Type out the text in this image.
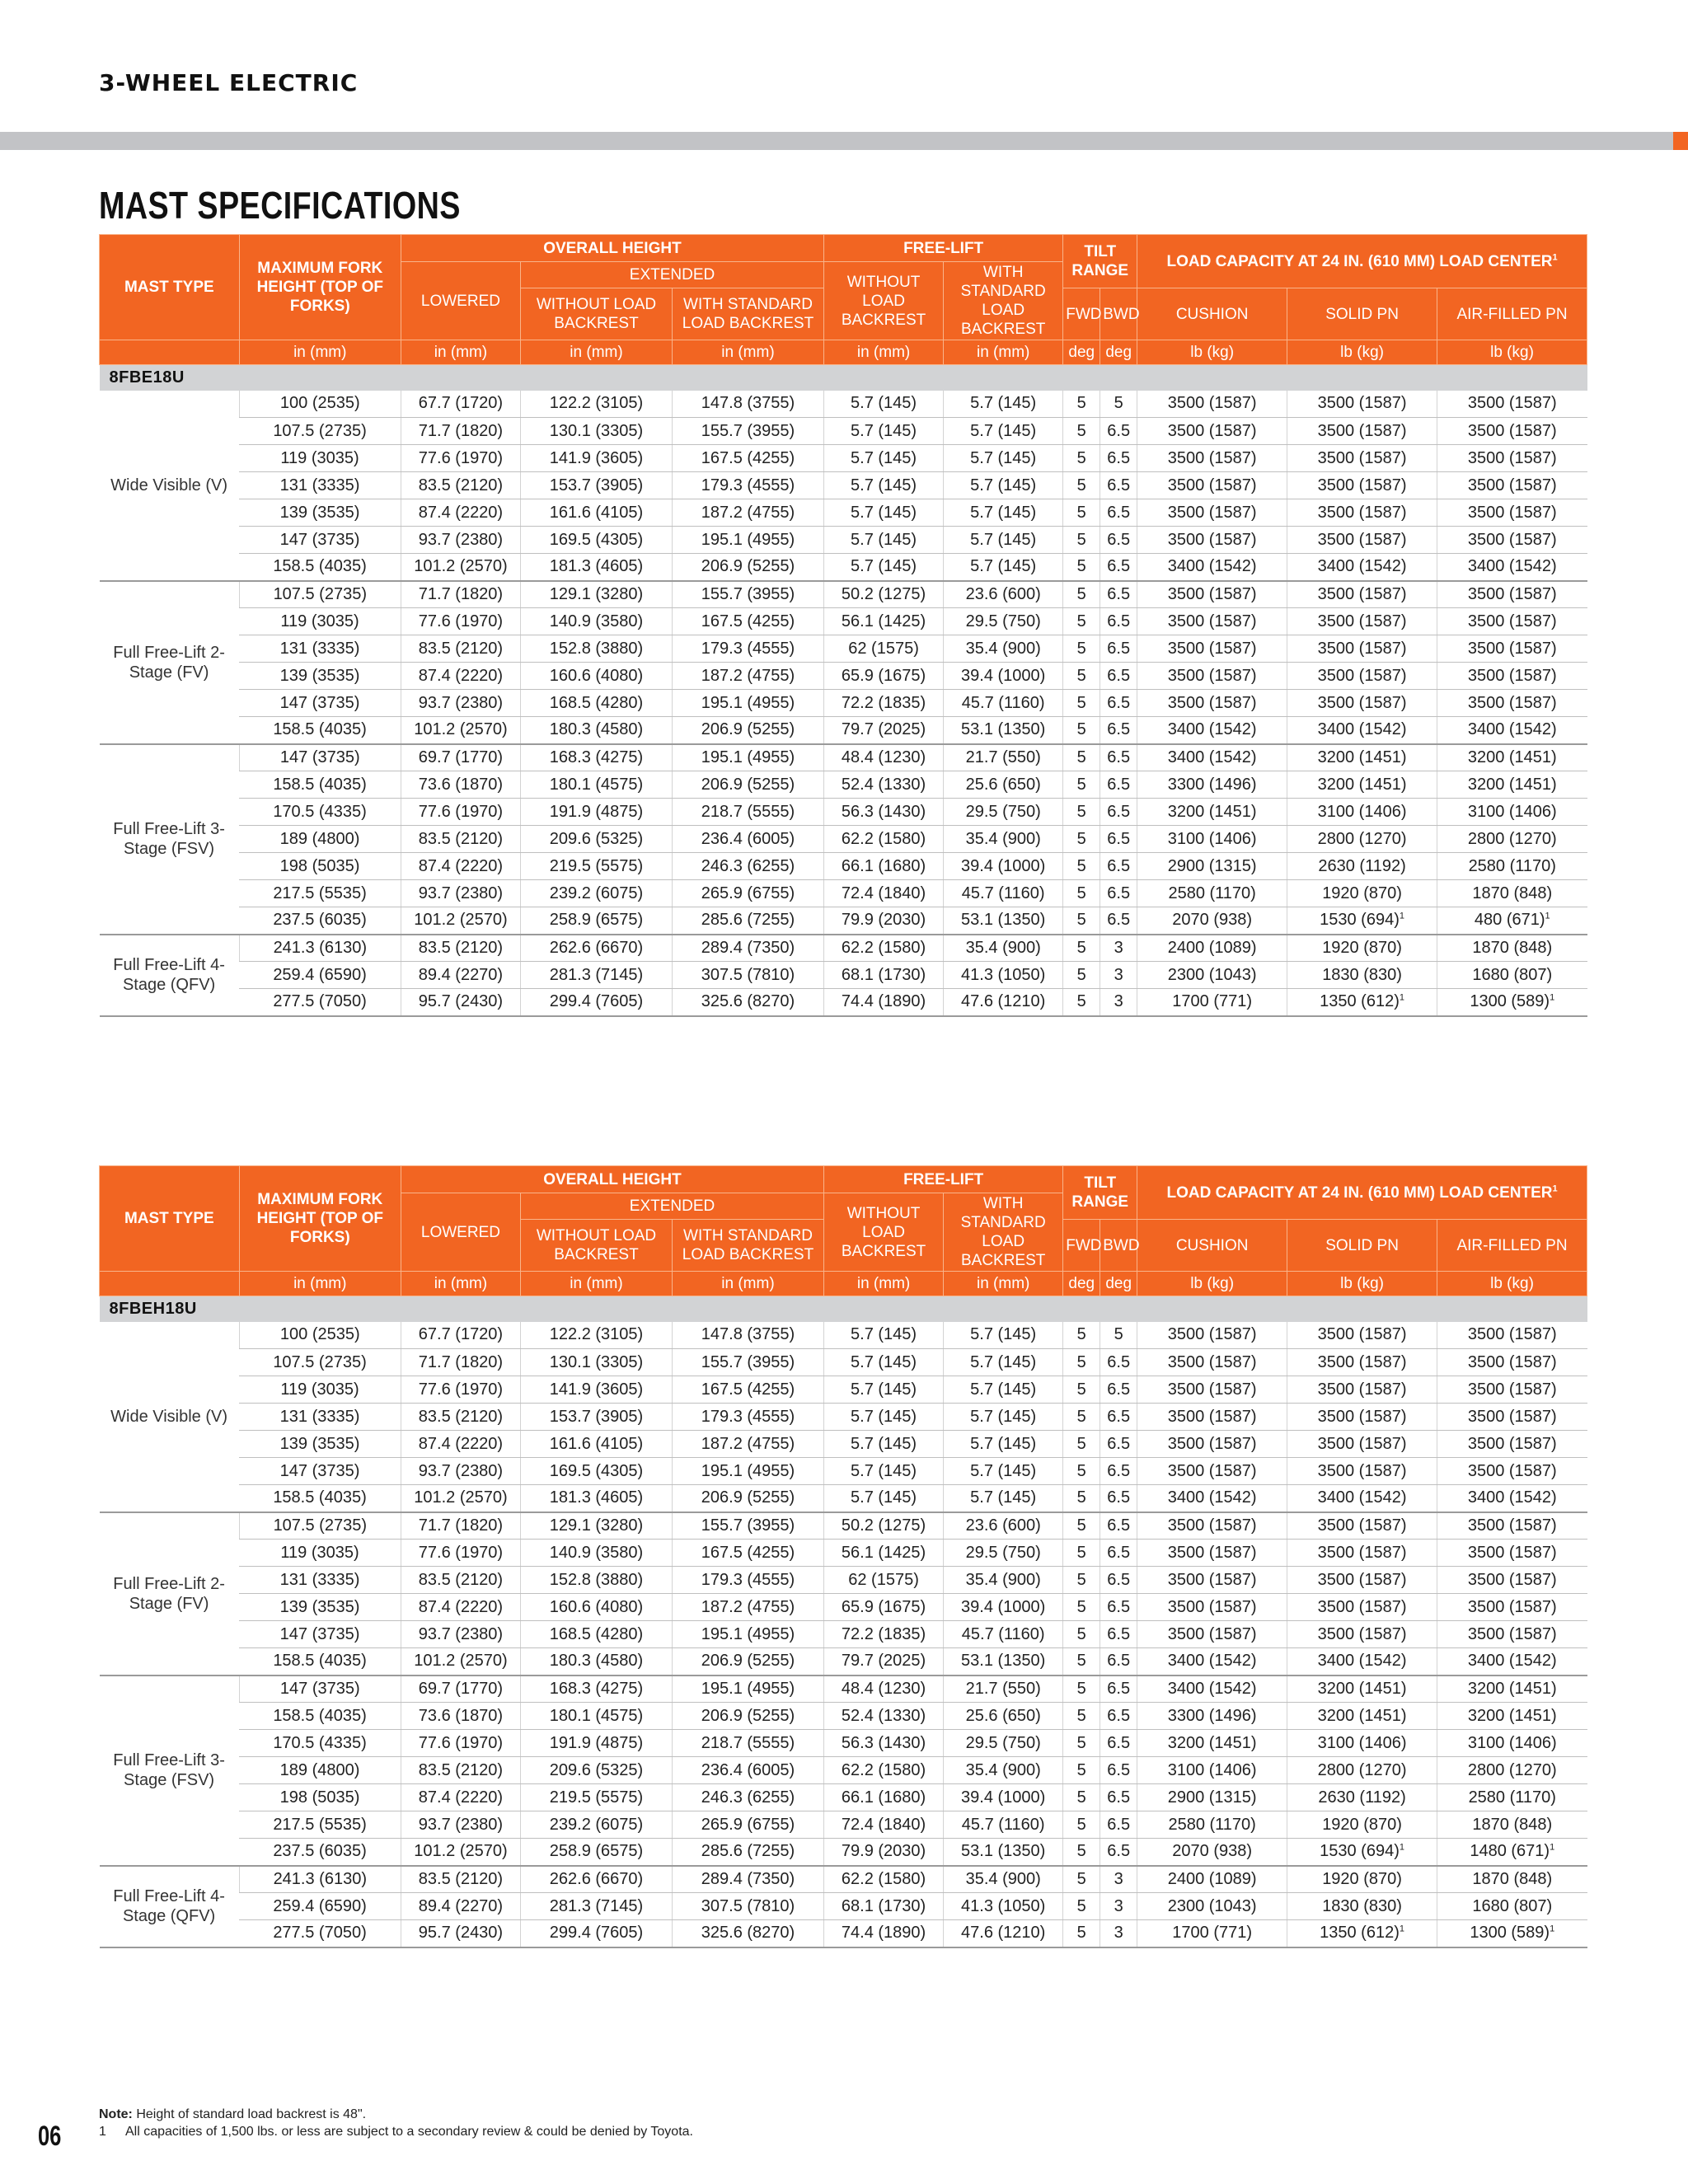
3-WHEEL ELECTRIC
MAST SPECIFICATIONS
MAST TYPE	MAXIMUM FORK HEIGHT (TOP OF FORKS)	OVERALL HEIGHT			FREE-LIFT		TILT RANGE		LOAD CAPACITY AT 24 IN. (610 MM) LOAD CENTER$^1$
		LOWERED	EXTENDED		WITHOUT LOAD BACKREST	WITH STANDARD LOAD BACKREST					
			WITHOUT LOAD BACKREST	WITH STANDARD LOAD BACKREST			FWD	BWD	CUSHION	SOLID PN	AIR-FILLED PN
	in (mm)	in (mm)	in (mm)	in (mm)	in (mm)	in (mm)	deg	deg	lb (kg)	lb (kg)	lb (kg)
8FBE18U											
Wide Visible (V)	100 (2535)	67.7 (1720)	122.2 (3105)	147.8 (3755)	5.7 (145)	5.7 (145)	5	5	3500 (1587)	3500 (1587)	3500 (1587)
	107.5 (2735)	71.7 (1820)	130.1 (3305)	155.7 (3955)	5.7 (145)	5.7 (145)	5	6.5	3500 (1587)	3500 (1587)	3500 (1587)
	119 (3035)	77.6 (1970)	141.9 (3605)	167.5 (4255)	5.7 (145)	5.7 (145)	5	6.5	3500 (1587)	3500 (1587)	3500 (1587)
	131 (3335)	83.5 (2120)	153.7 (3905)	179.3 (4555)	5.7 (145)	5.7 (145)	5	6.5	3500 (1587)	3500 (1587)	3500 (1587)
	139 (3535)	87.4 (2220)	161.6 (4105)	187.2 (4755)	5.7 (145)	5.7 (145)	5	6.5	3500 (1587)	3500 (1587)	3500 (1587)
	147 (3735)	93.7 (2380)	169.5 (4305)	195.1 (4955)	5.7 (145)	5.7 (145)	5	6.5	3500 (1587)	3500 (1587)	3500 (1587)
	158.5 (4035)	101.2 (2570)	181.3 (4605)	206.9 (5255)	5.7 (145)	5.7 (145)	5	6.5	3400 (1542)	3400 (1542)	3400 (1542)
Full Free-Lift 2-Stage (FV)	107.5 (2735)	71.7 (1820)	129.1 (3280)	155.7 (3955)	50.2 (1275)	23.6 (600)	5	6.5	3500 (1587)	3500 (1587)	3500 (1587)
	119 (3035)	77.6 (1970)	140.9 (3580)	167.5 (4255)	56.1 (1425)	29.5 (750)	5	6.5	3500 (1587)	3500 (1587)	3500 (1587)
	131 (3335)	83.5 (2120)	152.8 (3880)	179.3 (4555)	62 (1575)	35.4 (900)	5	6.5	3500 (1587)	3500 (1587)	3500 (1587)
	139 (3535)	87.4 (2220)	160.6 (4080)	187.2 (4755)	65.9 (1675)	39.4 (1000)	5	6.5	3500 (1587)	3500 (1587)	3500 (1587)
	147 (3735)	93.7 (2380)	168.5 (4280)	195.1 (4955)	72.2 (1835)	45.7 (1160)	5	6.5	3500 (1587)	3500 (1587)	3500 (1587)
	158.5 (4035)	101.2 (2570)	180.3 (4580)	206.9 (5255)	79.7 (2025)	53.1 (1350)	5	6.5	3400 (1542)	3400 (1542)	3400 (1542)
Full Free-Lift 3-Stage (FSV)	147 (3735)	69.7 (1770)	168.3 (4275)	195.1 (4955)	48.4 (1230)	21.7 (550)	5	6.5	3400 (1542)	3200 (1451)	3200 (1451)
	158.5 (4035)	73.6 (1870)	180.1 (4575)	206.9 (5255)	52.4 (1330)	25.6 (650)	5	6.5	3300 (1496)	3200 (1451)	3200 (1451)
	170.5 (4335)	77.6 (1970)	191.9 (4875)	218.7 (5555)	56.3 (1430)	29.5 (750)	5	6.5	3200 (1451)	3100 (1406)	3100 (1406)
	189 (4800)	83.5 (2120)	209.6 (5325)	236.4 (6005)	62.2 (1580)	35.4 (900)	5	6.5	3100 (1406)	2800 (1270)	2800 (1270)
	198 (5035)	87.4 (2220)	219.5 (5575)	246.3 (6255)	66.1 (1680)	39.4 (1000)	5	6.5	2900 (1315)	2630 (1192)	2580 (1170)
	217.5 (5535)	93.7 (2380)	239.2 (6075)	265.9 (6755)	72.4 (1840)	45.7 (1160)	5	6.5	2580 (1170)	1920 (870)	1870 (848)
	237.5 (6035)	101.2 (2570)	258.9 (6575)	285.6 (7255)	79.9 (2030)	53.1 (1350)	5	6.5	2070 (938)	1530 $(694)^1$	480 $(671)^1$
Full Free-Lift 4-Stage (QFV)	241.3 (6130)	83.5 (2120)	262.6 (6670)	289.4 (7350)	62.2 (1580)	35.4 (900)	5	3	2400 (1089)	1920 (870)	1870 (848)
	259.4 (6590)	89.4 (2270)	281.3 (7145)	307.5 (7810)	68.1 (1730)	41.3 (1050)	5	3	2300 (1043)	1830 (830)	1680 (807)
	277.5 (7050)	95.7 (2430)	299.4 (7605)	325.6 (8270)	74.4 (1890)	47.6 (1210)	5	3	1700 (771)	1350 $(612)^1$	1300 $(589)^1$
MAST TYPE	MAXIMUM FORK HEIGHT (TOP OF FORKS)	OVERALL HEIGHT			FREE-LIFT		TILT RANGE		LOAD CAPACITY AT 24 IN. (610 MM) LOAD CENTER$^1$
		LOWERED	EXTENDED		WITHOUT LOAD BACKREST	WITH STANDARD LOAD BACKREST					
			WITHOUT LOAD BACKREST	WITH STANDARD LOAD BACKREST			FWD	BWD	CUSHION	SOLID PN	AIR-FILLED PN
	in (mm)	in (mm)	in (mm)	in (mm)	in (mm)	in (mm)	deg	deg	lb (kg)	lb (kg)	lb (kg)
8FBEH18U											
Wide Visible (V)	100 (2535)	67.7 (1720)	122.2 (3105)	147.8 (3755)	5.7 (145)	5.7 (145)	5	5	3500 (1587)	3500 (1587)	3500 (1587)
	107.5 (2735)	71.7 (1820)	130.1 (3305)	155.7 (3955)	5.7 (145)	5.7 (145)	5	6.5	3500 (1587)	3500 (1587)	3500 (1587)
	119 (3035)	77.6 (1970)	141.9 (3605)	167.5 (4255)	5.7 (145)	5.7 (145)	5	6.5	3500 (1587)	3500 (1587)	3500 (1587)
	131 (3335)	83.5 (2120)	153.7 (3905)	179.3 (4555)	5.7 (145)	5.7 (145)	5	6.5	3500 (1587)	3500 (1587)	3500 (1587)
	139 (3535)	87.4 (2220)	161.6 (4105)	187.2 (4755)	5.7 (145)	5.7 (145)	5	6.5	3500 (1587)	3500 (1587)	3500 (1587)
	147 (3735)	93.7 (2380)	169.5 (4305)	195.1 (4955)	5.7 (145)	5.7 (145)	5	6.5	3500 (1587)	3500 (1587)	3500 (1587)
	158.5 (4035)	101.2 (2570)	181.3 (4605)	206.9 (5255)	5.7 (145)	5.7 (145)	5	6.5	3400 (1542)	3400 (1542)	3400 (1542)
Full Free-Lift 2-Stage (FV)	107.5 (2735)	71.7 (1820)	129.1 (3280)	155.7 (3955)	50.2 (1275)	23.6 (600)	5	6.5	3500 (1587)	3500 (1587)	3500 (1587)
	119 (3035)	77.6 (1970)	140.9 (3580)	167.5 (4255)	56.1 (1425)	29.5 (750)	5	6.5	3500 (1587)	3500 (1587)	3500 (1587)
	131 (3335)	83.5 (2120)	152.8 (3880)	179.3 (4555)	62 (1575)	35.4 (900)	5	6.5	3500 (1587)	3500 (1587)	3500 (1587)
	139 (3535)	87.4 (2220)	160.6 (4080)	187.2 (4755)	65.9 (1675)	39.4 (1000)	5	6.5	3500 (1587)	3500 (1587)	3500 (1587)
	147 (3735)	93.7 (2380)	168.5 (4280)	195.1 (4955)	72.2 (1835)	45.7 (1160)	5	6.5	3500 (1587)	3500 (1587)	3500 (1587)
	158.5 (4035)	101.2 (2570)	180.3 (4580)	206.9 (5255)	79.7 (2025)	53.1 (1350)	5	6.5	3400 (1542)	3400 (1542)	3400 (1542)
Full Free-Lift 3-Stage (FSV)	147 (3735)	69.7 (1770)	168.3 (4275)	195.1 (4955)	48.4 (1230)	21.7 (550)	5	6.5	3400 (1542)	3200 (1451)	3200 (1451)
	158.5 (4035)	73.6 (1870)	180.1 (4575)	206.9 (5255)	52.4 (1330)	25.6 (650)	5	6.5	3300 (1496)	3200 (1451)	3200 (1451)
	170.5 (4335)	77.6 (1970)	191.9 (4875)	218.7 (5555)	56.3 (1430)	29.5 (750)	5	6.5	3200 (1451)	3100 (1406)	3100 (1406)
	189 (4800)	83.5 (2120)	209.6 (5325)	236.4 (6005)	62.2 (1580)	35.4 (900)	5	6.5	3100 (1406)	2800 (1270)	2800 (1270)
	198 (5035)	87.4 (2220)	219.5 (5575)	246.3 (6255)	66.1 (1680)	39.4 (1000)	5	6.5	2900 (1315)	2630 (1192)	2580 (1170)
	217.5 (5535)	93.7 (2380)	239.2 (6075)	265.9 (6755)	72.4 (1840)	45.7 (1160)	5	6.5	2580 (1170)	1920 (870)	1870 (848)
	237.5 (6035)	101.2 (2570)	258.9 (6575)	285.6 (7255)	79.9 (2030)	53.1 (1350)	5	6.5	2070 (938)	1530 $(694)^1$	1480 $(671)^1$
Full Free-Lift 4-Stage (QFV)	241.3 (6130)	83.5 (2120)	262.6 (6670)	289.4 (7350)	62.2 (1580)	35.4 (900)	5	3	2400 (1089)	1920 (870)	1870 (848)
	259.4 (6590)	89.4 (2270)	281.3 (7145)	307.5 (7810)	68.1 (1730)	41.3 (1050)	5	3	2300 (1043)	1830 (830)	1680 (807)
	277.5 (7050)	95.7 (2430)	299.4 (7605)	325.6 (8270)	74.4 (1890)	47.6 (1210)	5	3	1700 (771)	1350 $(612)^1$	1300 $(589)^1$
Note: Height of standard load backrest is 48".
1 All capacities of 1,500 lbs. or less are subject to a secondary review & could be denied by Toyota.
06
